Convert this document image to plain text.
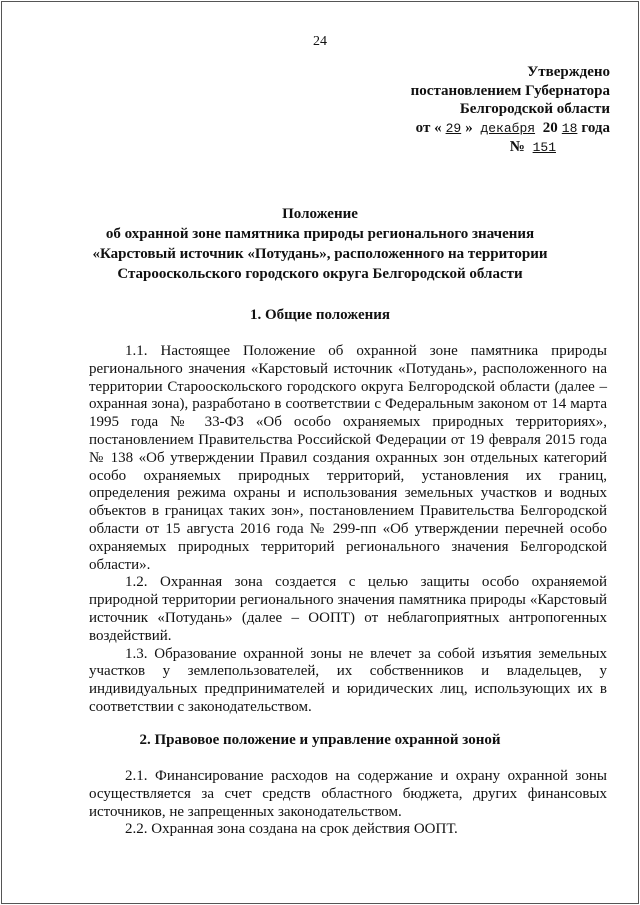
24
Утверждено
постановлением Губернатора
Белгородской области
от « 29 » декабря 20 18 года
№ 151
Положение
об охранной зоне памятника природы регионального значения
«Карстовый источник «Потудань», расположенного на территории
Старооскольского городского округа Белгородской области
1. Общие положения

1.1. Настоящее Положение об охранной зоне памятника природы регионального значения «Карстовый источник «Потудань», расположенного на территории Старооскольского городского округа Белгородской области (далее – охранная зона), разработано в соответствии с Федеральным законом от 14 марта 1995 года № 33-ФЗ «Об особо охраняемых природных территориях», постановлением Правительства Российской Федерации от 19 февраля 2015 года № 138 «Об утверждении Правил создания охранных зон отдельных категорий особо охраняемых природных территорий, установления их границ, определения режима охраны и использования земельных участков и водных объектов в границах таких зон», постановлением Правительства Белгородской области от 15 августа 2016 года № 299-пп «Об утверждении перечней особо охраняемых природных территорий регионального значения Белгородской области».

1.2. Охранная зона создается с целью защиты особо охраняемой природной территории регионального значения памятника природы «Карстовый источник «Потудань» (далее – ООПТ) от неблагоприятных антропогенных воздействий.

1.3. Образование охранной зоны не влечет за собой изъятия земельных участков у землепользователей, их собственников и владельцев, у индивидуальных предпринимателей и юридических лиц, использующих их в соответствии с законодательством.

2. Правовое положение и управление охранной зоной

2.1. Финансирование расходов на содержание и охрану охранной зоны осуществляется за счет средств областного бюджета, других финансовых источников, не запрещенных законодательством.

2.2. Охранная зона создана на срок действия ООПТ.
